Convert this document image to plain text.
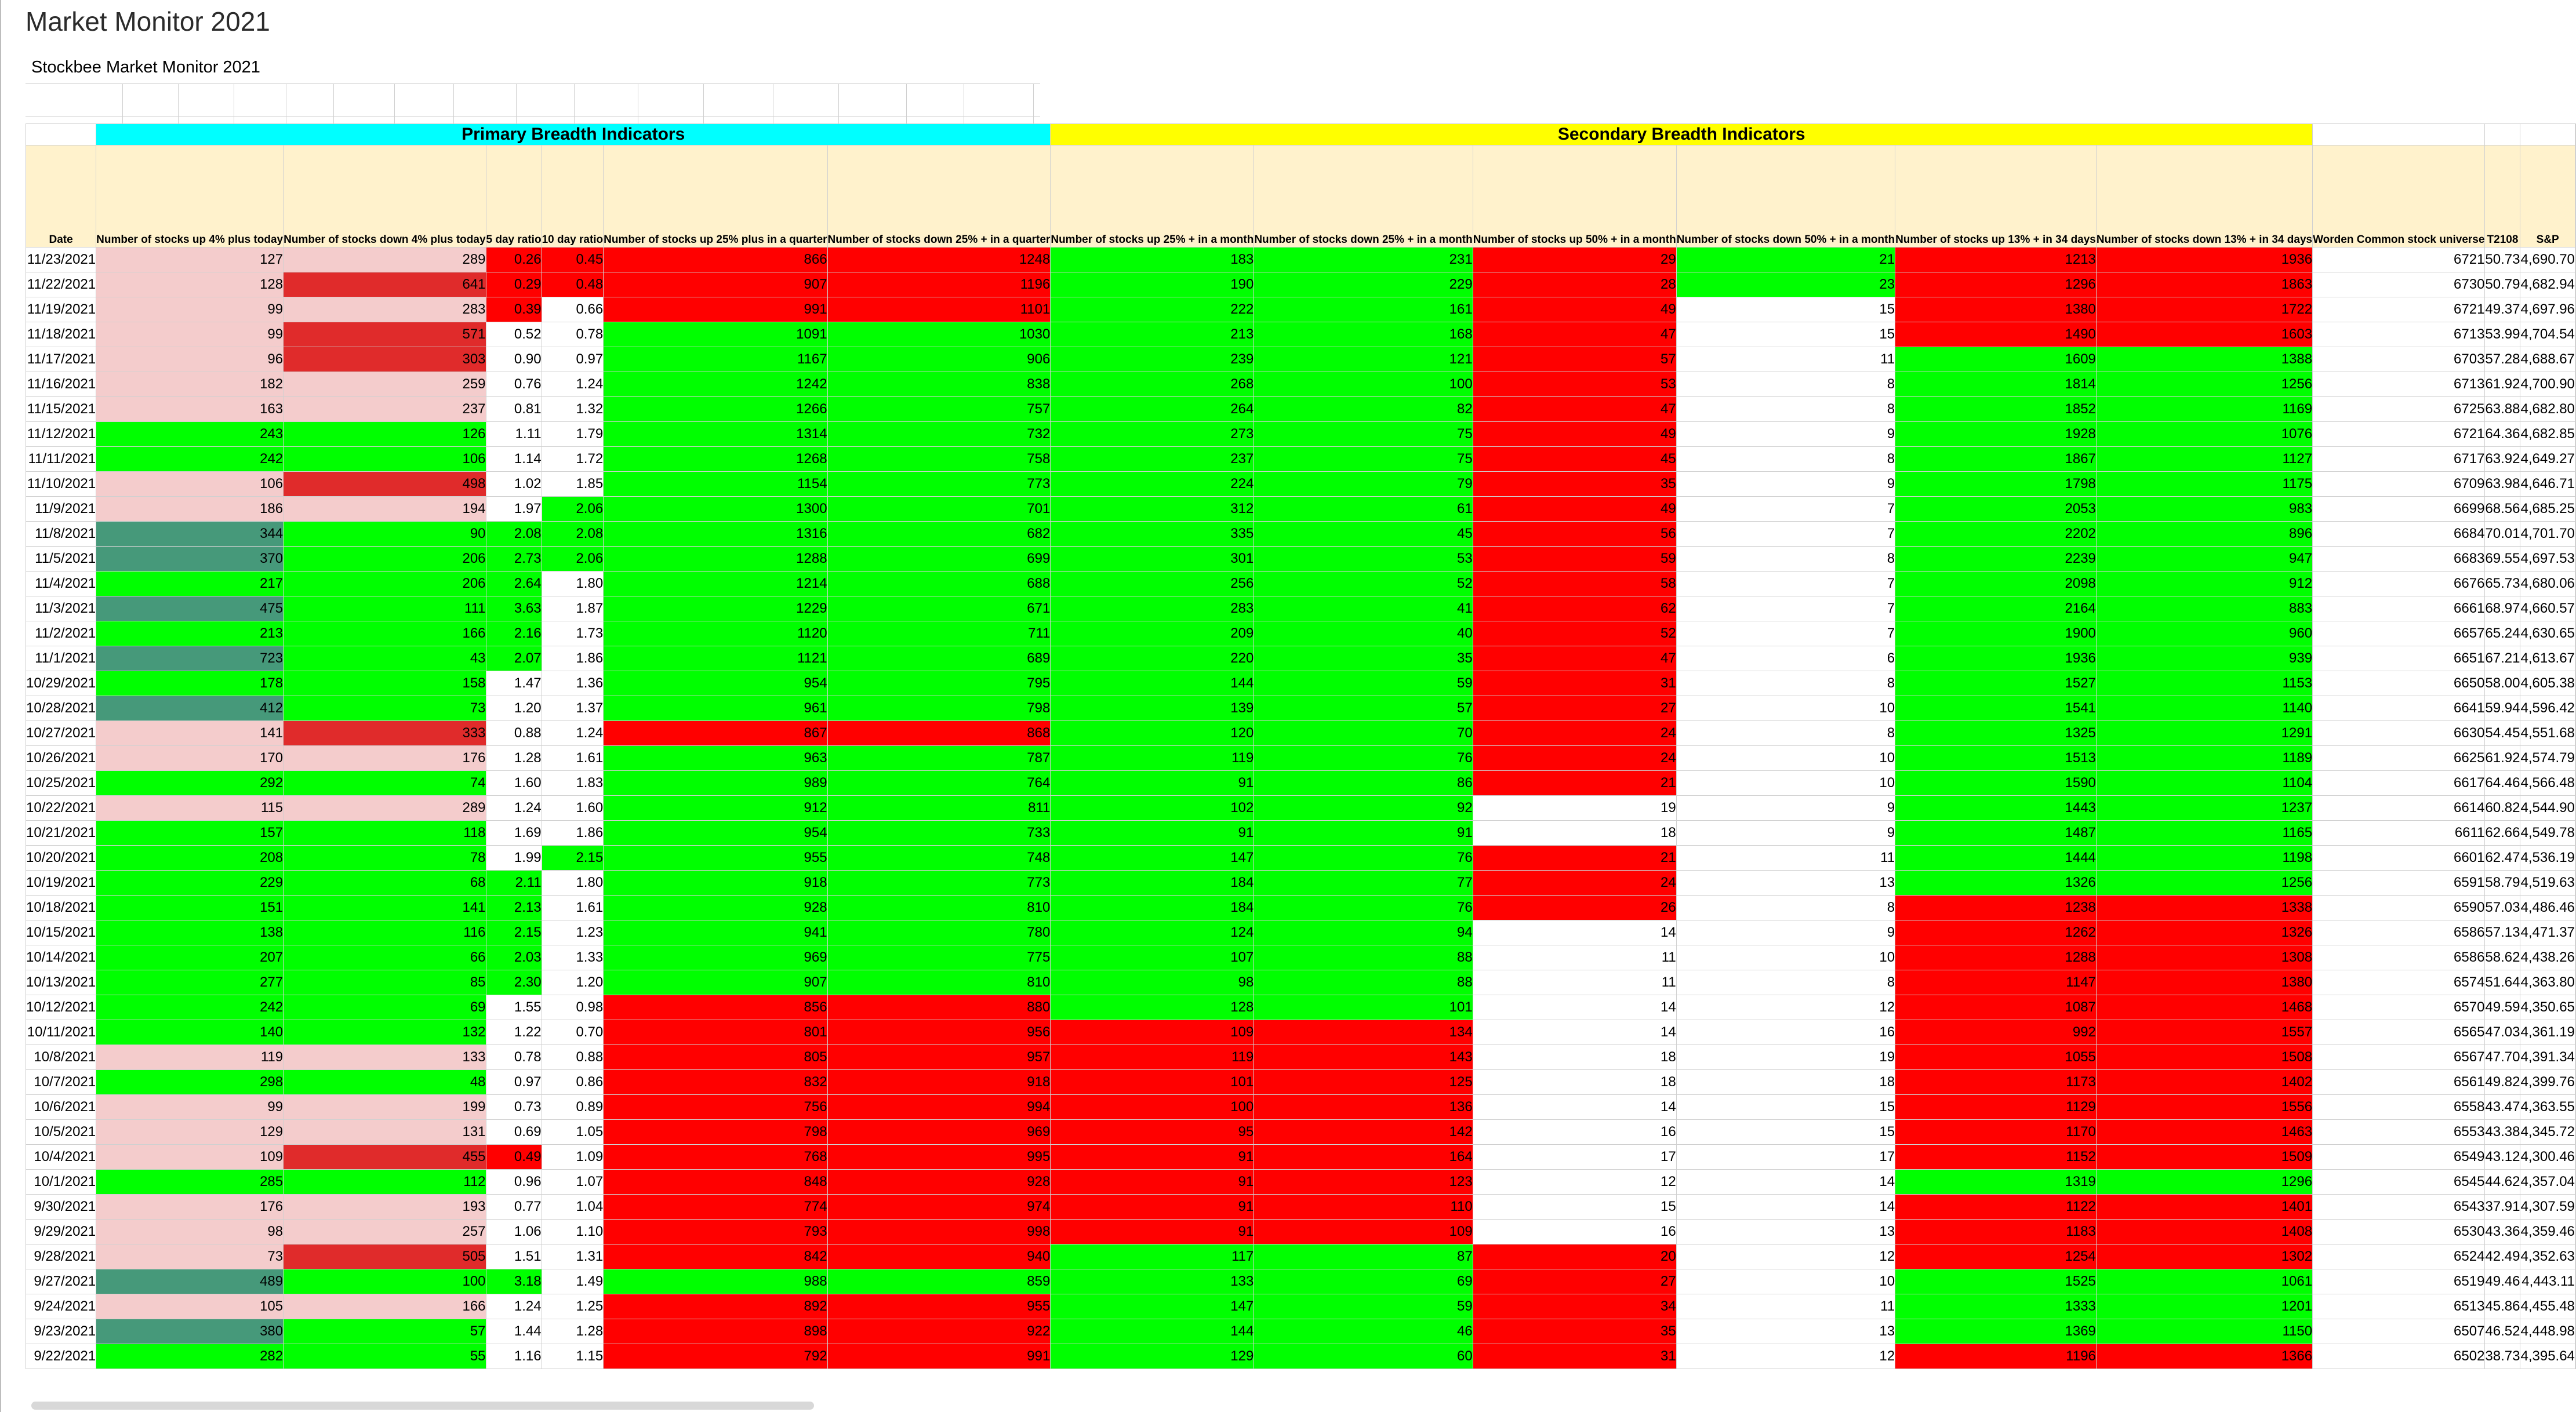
Market Monitor 2021
Stockbee Market Monitor 2021
	Primary Breadth Indicators						Secondary Breadth Indicators									
Date	Number of stocks up 4% plus today	Number of stocks down 4% plus today	5 day ratio	10 day ratio	Number of stocks up 25% plus in a quarter	Number of stocks down 25% + in a quarter	Number of stocks up 25% + in a month	Number of stocks down 25% + in a month	Number of stocks up 50% + in a month	Number of stocks down 50% + in a month	Number of stocks up 13% + in 34 days	Number of stocks down 13% + in 34 days	Worden Common stock universe	T2108	S&P	
11/23/2021	127	289	0.26	0.45	866	1248	183	231	29	21	1213	1936	6721	50.73	4,690.70	
11/22/2021	128	641	0.29	0.48	907	1196	190	229	28	23	1296	1863	6730	50.79	4,682.94	
11/19/2021	99	283	0.39	0.66	991	1101	222	161	49	15	1380	1722	6721	49.37	4,697.96	
11/18/2021	99	571	0.52	0.78	1091	1030	213	168	47	15	1490	1603	6713	53.99	4,704.54	
11/17/2021	96	303	0.90	0.97	1167	906	239	121	57	11	1609	1388	6703	57.28	4,688.67	
11/16/2021	182	259	0.76	1.24	1242	838	268	100	53	8	1814	1256	6713	61.92	4,700.90	
11/15/2021	163	237	0.81	1.32	1266	757	264	82	47	8	1852	1169	6725	63.88	4,682.80	
11/12/2021	243	126	1.11	1.79	1314	732	273	75	49	9	1928	1076	6721	64.36	4,682.85	
11/11/2021	242	106	1.14	1.72	1268	758	237	75	45	8	1867	1127	6717	63.92	4,649.27	
11/10/2021	106	498	1.02	1.85	1154	773	224	79	35	9	1798	1175	6709	63.98	4,646.71	
11/9/2021	186	194	1.97	2.06	1300	701	312	61	49	7	2053	983	6699	68.56	4,685.25	
11/8/2021	344	90	2.08	2.08	1316	682	335	45	56	7	2202	896	6684	70.01	4,701.70	
11/5/2021	370	206	2.73	2.06	1288	699	301	53	59	8	2239	947	6683	69.55	4,697.53	
11/4/2021	217	206	2.64	1.80	1214	688	256	52	58	7	2098	912	6676	65.73	4,680.06	
11/3/2021	475	111	3.63	1.87	1229	671	283	41	62	7	2164	883	6661	68.97	4,660.57	
11/2/2021	213	166	2.16	1.73	1120	711	209	40	52	7	1900	960	6657	65.24	4,630.65	
11/1/2021	723	43	2.07	1.86	1121	689	220	35	47	6	1936	939	6651	67.21	4,613.67	
10/29/2021	178	158	1.47	1.36	954	795	144	59	31	8	1527	1153	6650	58.00	4,605.38	
10/28/2021	412	73	1.20	1.37	961	798	139	57	27	10	1541	1140	6641	59.94	4,596.42	
10/27/2021	141	333	0.88	1.24	867	868	120	70	24	8	1325	1291	6630	54.45	4,551.68	
10/26/2021	170	176	1.28	1.61	963	787	119	76	24	10	1513	1189	6625	61.92	4,574.79	
10/25/2021	292	74	1.60	1.83	989	764	91	86	21	10	1590	1104	6617	64.46	4,566.48	
10/22/2021	115	289	1.24	1.60	912	811	102	92	19	9	1443	1237	6614	60.82	4,544.90	
10/21/2021	157	118	1.69	1.86	954	733	91	91	18	9	1487	1165	6611	62.66	4,549.78	
10/20/2021	208	78	1.99	2.15	955	748	147	76	21	11	1444	1198	6601	62.47	4,536.19	
10/19/2021	229	68	2.11	1.80	918	773	184	77	24	13	1326	1256	6591	58.79	4,519.63	
10/18/2021	151	141	2.13	1.61	928	810	184	76	26	8	1238	1338	6590	57.03	4,486.46	
10/15/2021	138	116	2.15	1.23	941	780	124	94	14	9	1262	1326	6586	57.13	4,471.37	
10/14/2021	207	66	2.03	1.33	969	775	107	88	11	10	1288	1308	6586	58.62	4,438.26	
10/13/2021	277	85	2.30	1.20	907	810	98	88	11	8	1147	1380	6574	51.64	4,363.80	
10/12/2021	242	69	1.55	0.98	856	880	128	101	14	12	1087	1468	6570	49.59	4,350.65	
10/11/2021	140	132	1.22	0.70	801	956	109	134	14	16	992	1557	6565	47.03	4,361.19	
10/8/2021	119	133	0.78	0.88	805	957	119	143	18	19	1055	1508	6567	47.70	4,391.34	
10/7/2021	298	48	0.97	0.86	832	918	101	125	18	18	1173	1402	6561	49.82	4,399.76	
10/6/2021	99	199	0.73	0.89	756	994	100	136	14	15	1129	1556	6558	43.47	4,363.55	
10/5/2021	129	131	0.69	1.05	798	969	95	142	16	15	1170	1463	6553	43.38	4,345.72	
10/4/2021	109	455	0.49	1.09	768	995	91	164	17	17	1152	1509	6549	43.12	4,300.46	
10/1/2021	285	112	0.96	1.07	848	928	91	123	12	14	1319	1296	6545	44.62	4,357.04	
9/30/2021	176	193	0.77	1.04	774	974	91	110	15	14	1122	1401	6543	37.91	4,307.59	
9/29/2021	98	257	1.06	1.10	793	998	91	109	16	13	1183	1408	6530	43.36	4,359.46	
9/28/2021	73	505	1.51	1.31	842	940	117	87	20	12	1254	1302	6524	42.49	4,352.63	
9/27/2021	489	100	3.18	1.49	988	859	133	69	27	10	1525	1061	6519	49.46	4,443.11	
9/24/2021	105	166	1.24	1.25	892	955	147	59	34	11	1333	1201	6513	45.86	4,455.48	
9/23/2021	380	57	1.44	1.28	898	922	144	46	35	13	1369	1150	6507	46.52	4,448.98	
9/22/2021	282	55	1.16	1.15	792	991	129	60	31	12	1196	1366	6502	38.73	4,395.64	
